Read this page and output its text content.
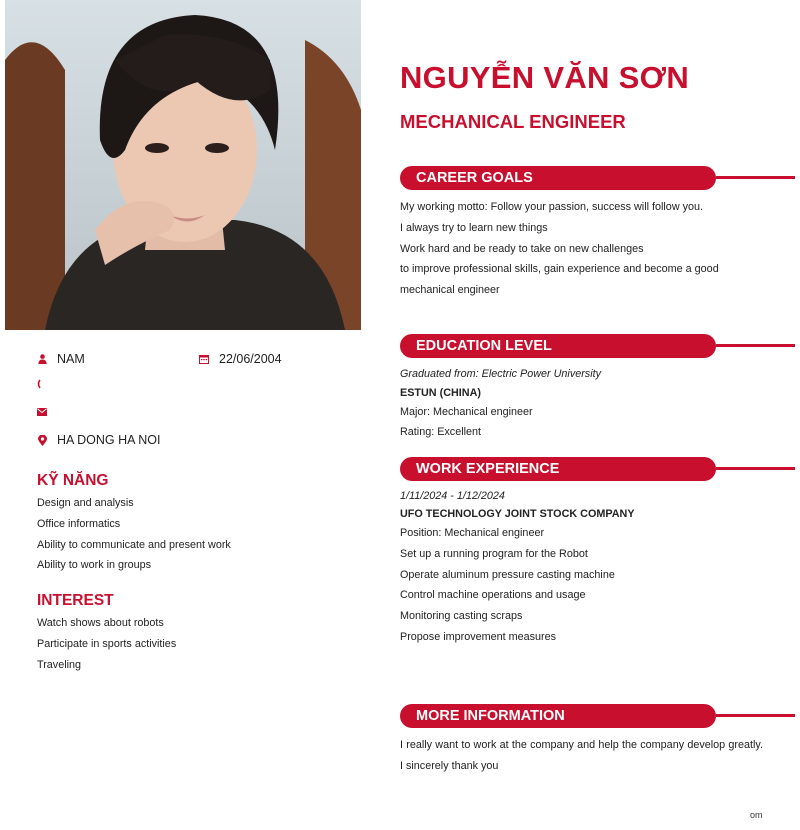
NAM	22/06/2004
HA DONG HA NOI
KỸ NĂNG
Design and analysis
Office informatics
Ability to communicate and present work
Ability to work in groups
INTEREST
Watch shows about robots
Participate in sports activities
Traveling
NGUYỄN VĂN SƠN
MECHANICAL ENGINEER
CAREER GOALS
My working motto: Follow your passion, success will follow you.
I always try to learn new things
Work hard and be ready to take on new challenges
to improve professional skills, gain experience and become a good
mechanical engineer
EDUCATION LEVEL
Graduated from: Electric Power University
ESTUN (CHINA)
Major: Mechanical engineer
Rating: Excellent
WORK EXPERIENCE
1/11/2024 - 1/12/2024
UFO TECHNOLOGY JOINT STOCK COMPANY
Position: Mechanical engineer
Set up a running program for the Robot
Operate aluminum pressure casting machine
Control machine operations and usage
Monitoring casting scraps
Propose improvement measures
MORE INFORMATION
I really want to work at the company and help the company develop greatly. I sincerely thank you
om
